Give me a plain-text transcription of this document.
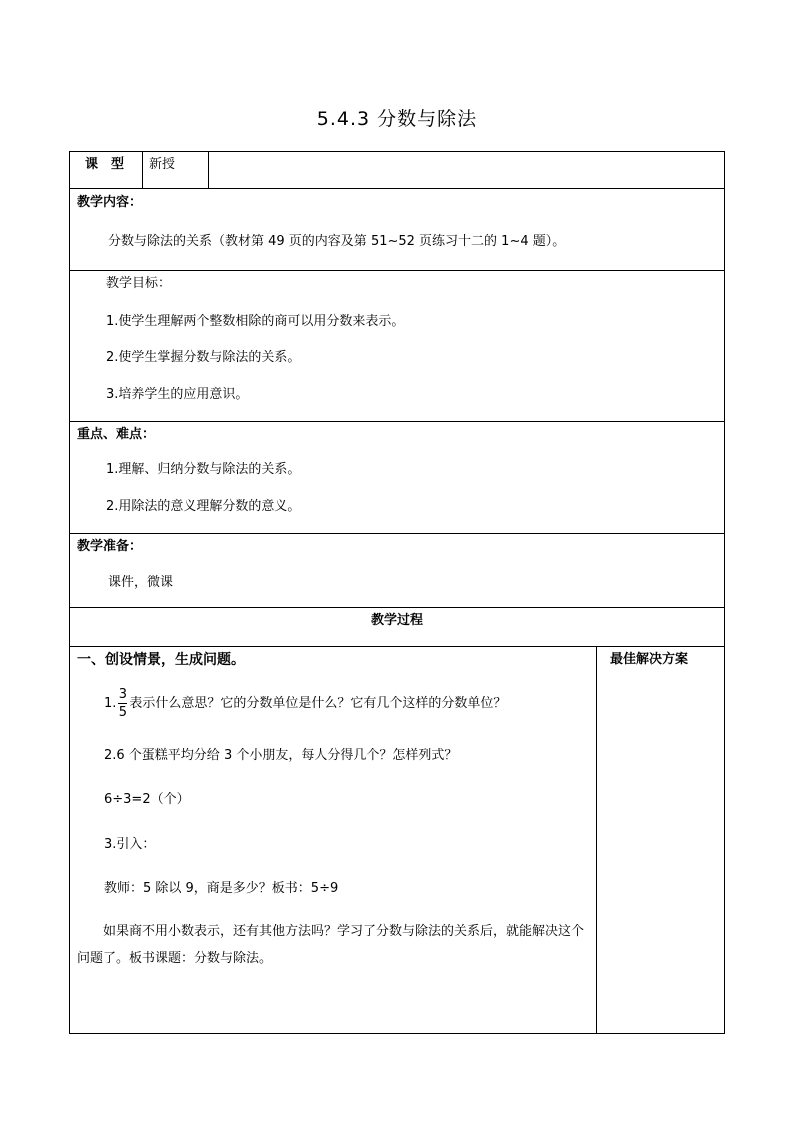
5.4.3 分数与除法
课　型 新授
教学内容：
分数与除法的关系（教材第 49 页的内容及第 51~52 页练习十二的 1~4 题）。
教学目标：
1.使学生理解两个整数相除的商可以用分数来表示。
2.使学生掌握分数与除法的关系。
3.培养学生的应用意识。
重点、难点：
1.理解、归纳分数与除法的关系。
2.用除法的意义理解分数的意义。
教学准备：
课件，微课
教学过程
一、创设情景，生成问题。	最佳解决方案
1. $\frac{3}{5}$ 表示什么意思？它的分数单位是什么？它有几个这样的分数单位？
2.6 个蛋糕平均分给 3 个小朋友，每人分得几个？怎样列式？
6÷3=2（个）
3.引入：
教师：5 除以 9，商是多少？板书：5÷9
如果商不用小数表示，还有其他方法吗？学习了分数与除法的关系后，就能解决这个问题了。板书课题：分数与除法。
